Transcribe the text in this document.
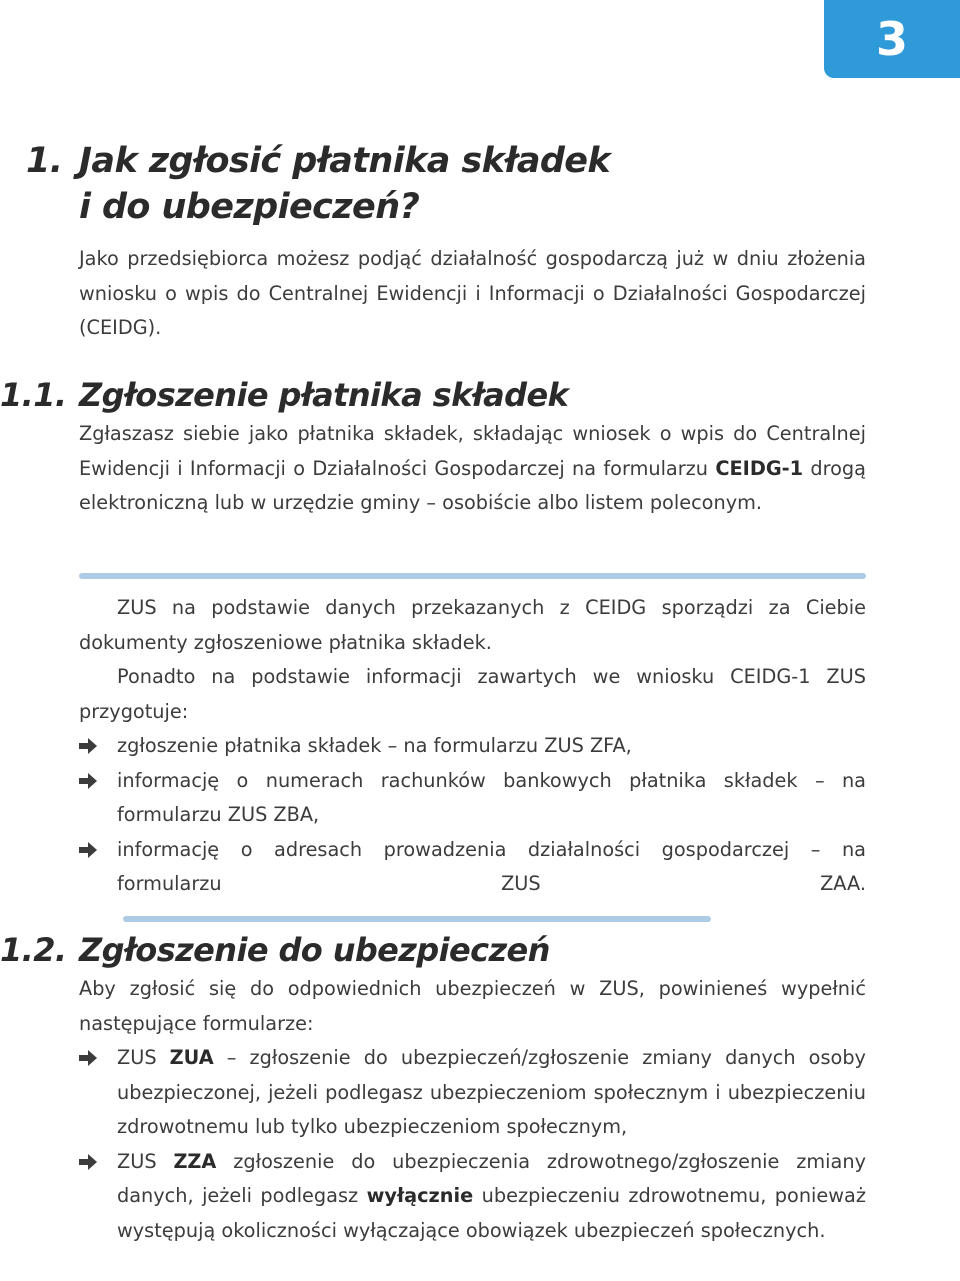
3
1. Jak zgłosić płatnika składek
i do ubezpieczeń?

Jako przedsiębiorca możesz podjąć działalność gospodarczą już w dniu złożenia wniosku o wpis do Centralnej Ewidencji i Informacji o Działalności Gospodarczej (CEIDG).

1.1. Zgłoszenie płatnika składek

Zgłaszasz siebie jako płatnika składek, składając wniosek o wpis do Centralnej Ewidencji i Informacji o Działalności Gospodarczej na formularzu CEIDG-1 drogą elektroniczną lub w urzędzie gminy – osobiście albo listem poleconym.

ZUS na podstawie danych przekazanych z CEIDG sporządzi za Ciebie dokumenty zgłoszeniowe płatnika składek.

Ponadto na podstawie informacji zawartych we wniosku CEIDG-1 ZUS przygotuje:

zgłoszenie płatnika składek – na formularzu ZUS ZFA,
informację o numerach rachunków bankowych płatnika składek – na formularzu ZUS ZBA,
informację o adresach prowadzenia działalności gospodarczej – na formularzu ZUS ZAA.
1.2. Zgłoszenie do ubezpieczeń

Aby zgłosić się do odpowiednich ubezpieczeń w ZUS, powinieneś wypełnić następujące formularze:

ZUS ZUA – zgłoszenie do ubezpieczeń/zgłoszenie zmiany danych osoby ubezpieczonej, jeżeli podlegasz ubezpieczeniom społecznym i ubezpieczeniu zdrowotnemu lub tylko ubezpieczeniom społecznym,
ZUS ZZA zgłoszenie do ubezpieczenia zdrowotnego/zgłoszenie zmiany danych, jeżeli podlegasz wyłącznie ubezpieczeniu zdrowotnemu, ponieważ występują okoliczności wyłączające obowiązek ubezpieczeń społecznych.
